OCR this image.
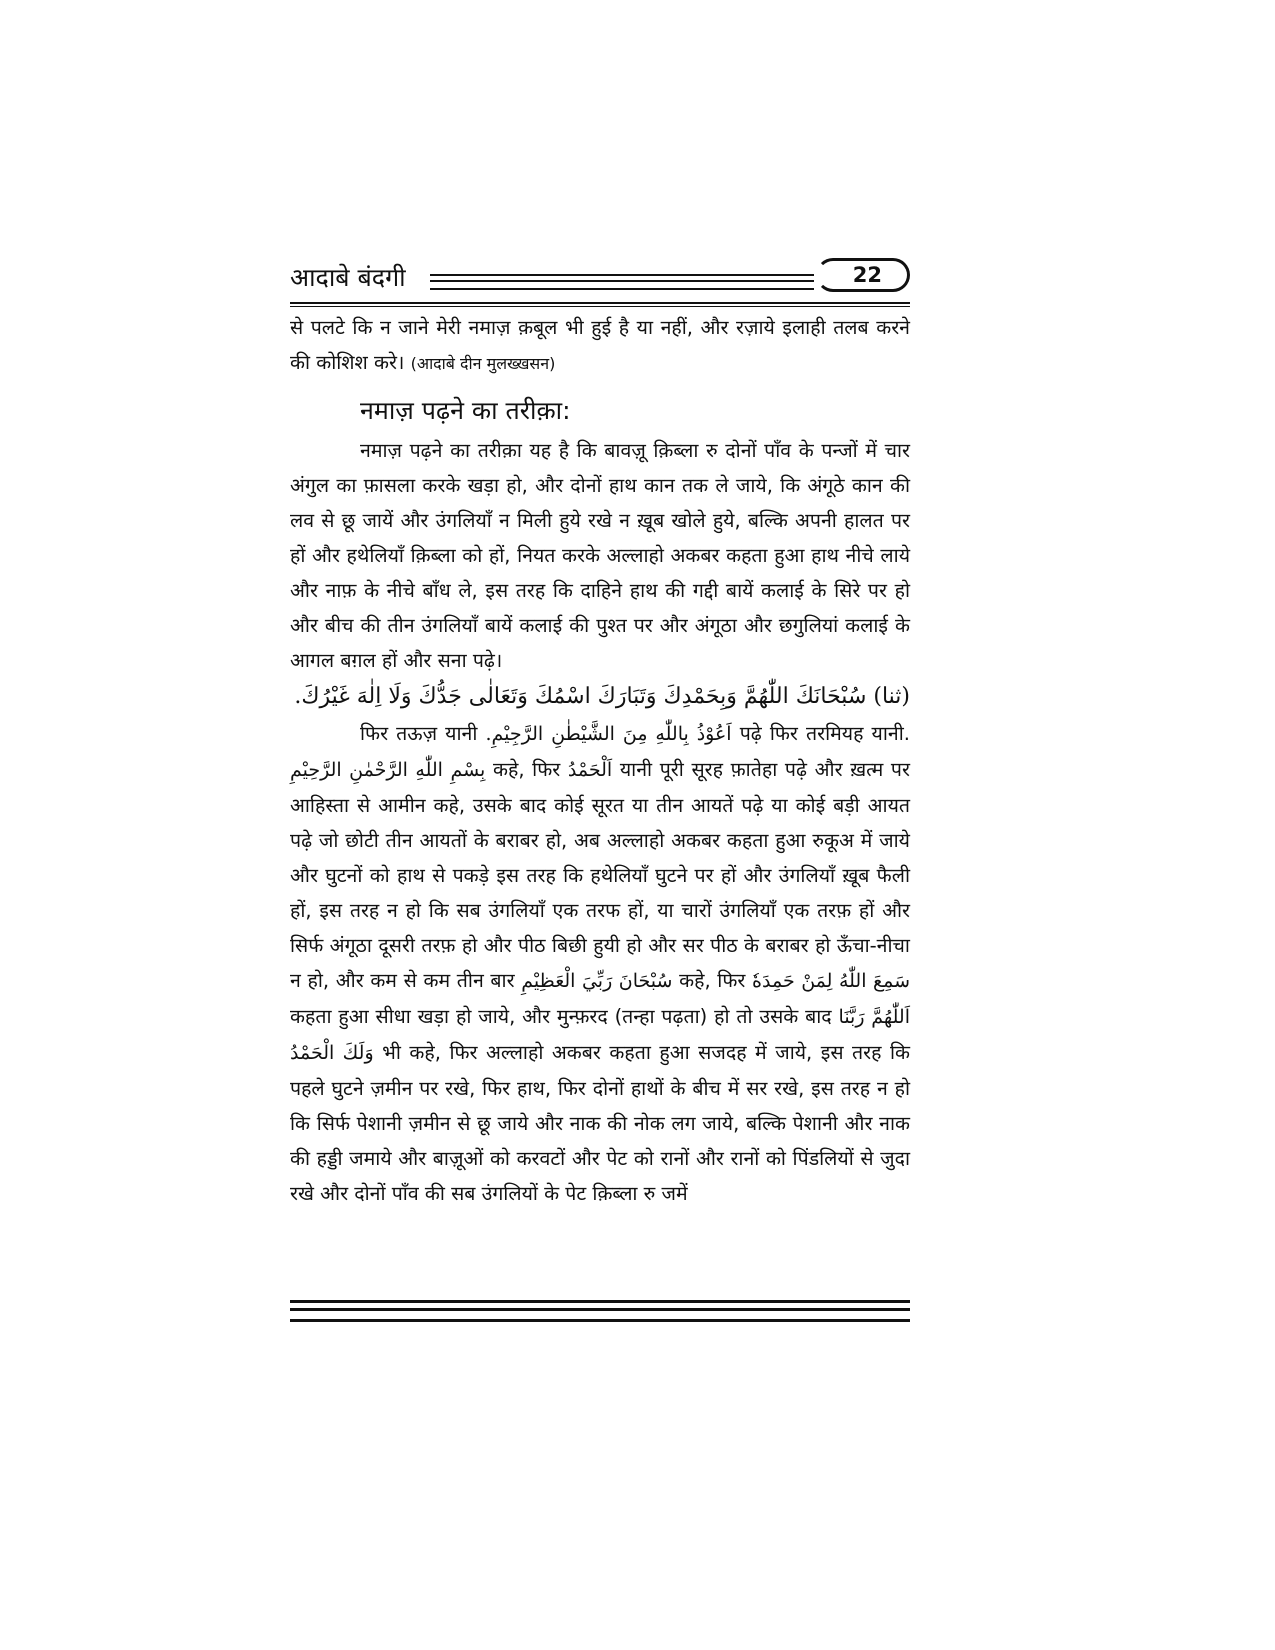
आदाबे बंदगी	22

से पलटे कि न जाने मेरी नमाज़ क़बूल भी हुई है या नहीं, और रज़ाये इलाही तलब करने की कोशिश करे। (आदाबे दीन मुलख्खसन)

नमाज़ पढ़ने का तरीक़ा:

नमाज़ पढ़ने का तरीक़ा यह है कि बावज़ू क़िब्ला रु दोनों पाँव के पन्जों में चार अंगुल का फ़ासला करके खड़ा हो, और दोनों हाथ कान तक ले जाये, कि अंगूठे कान की लव से छू जायें और उंगलियाँ न मिली हुये रखे न ख़ूब खोले हुये, बल्कि अपनी हालत पर हों और हथेलियाँ क़िब्ला को हों, नियत करके अल्लाहो अकबर कहता हुआ हाथ नीचे लाये और नाफ़ के नीचे बाँध ले, इस तरह कि दाहिने हाथ की गद्दी बायें कलाई के सिरे पर हो और बीच की तीन उंगलियाँ बायें कलाई की पुश्त पर और अंगूठा और छगुलियां कलाई के आगल बग़ल हों और सना पढ़े।

(ثنا) سُبْحَانَكَ اللّٰهُمَّ وَبِحَمْدِكَ وَتَبَارَكَ اسْمُكَ وَتَعَالٰى جَدُّكَ وَلَا اِلٰهَ غَيْرُكَ.

फिर तऊज़ यानी اَعُوْذُ بِاللّٰهِ مِنَ الشَّيْطٰنِ الرَّجِيْمِ. पढ़े फिर तरमियह यानी. بِسْمِ اللّٰهِ الرَّحْمٰنِ الرَّحِيْمِ कहे, फिर اَلْحَمْدُ यानी पूरी सूरह फ़ातेहा पढ़े और ख़त्म पर आहिस्ता से आमीन कहे, उसके बाद कोई सूरत या तीन आयतें पढ़े या कोई बड़ी आयत पढ़े जो छोटी तीन आयतों के बराबर हो, अब अल्लाहो अकबर कहता हुआ रुकूअ में जाये और घुटनों को हाथ से पकड़े इस तरह कि हथेलियाँ घुटने पर हों और उंगलियाँ ख़ूब फैली हों, इस तरह न हो कि सब उंगलियाँ एक तरफ हों, या चारों उंगलियाँ एक तरफ़ हों और सिर्फ अंगूठा दूसरी तरफ़ हो और पीठ बिछी हुयी हो और सर पीठ के बराबर हो ऊँचा-नीचा न हो, और कम से कम तीन बार سُبْحَانَ رَبِّيَ الْعَظِيْمِ कहे, फिर سَمِعَ اللّٰهُ لِمَنْ حَمِدَهٗ कहता हुआ सीधा खड़ा हो जाये, और मुन्फ़रद (तन्हा पढ़ता) हो तो उसके बाद اَللّٰهُمَّ رَبَّنَا وَلَكَ الْحَمْدُ भी कहे, फिर अल्लाहो अकबर कहता हुआ सजदह में जाये, इस तरह कि पहले घुटने ज़मीन पर रखे, फिर हाथ, फिर दोनों हाथों के बीच में सर रखे, इस तरह न हो कि सिर्फ पेशानी ज़मीन से छू जाये और नाक की नोक लग जाये, बल्कि पेशानी और नाक की हड्डी जमाये और बाज़ूओं को करवटों और पेट को रानों और रानों को पिंडलियों से जुदा रखे और दोनों पाँव की सब उंगलियों के पेट क़िब्ला रु जमें
